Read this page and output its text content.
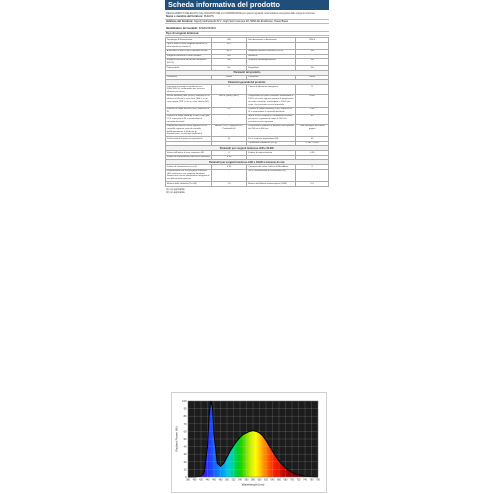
Scheda informativa del prodotto
REGOLAMENTO DELEGATO (UE) 2019/2015 DELLA COMMISSIONE per quanto riguarda l'etichettatura energetica delle sorgenti luminose
Nome o marchio del fornitore: PHILIPS
Indirizzo del fornitore: Signify Netherlands B.V., High Tech Campus 48, 5656 AE Eindhoven, Paesi Bassi
Identificativo del modello: 929002463901
Tipo di sorgente luminosa:
Tecnologia d'illuminazione:	LED	Non direzionale o direzionale:	NDLS
Tipo di attacco della sorgente luminosa (o altra interfaccia elettrica)	E27		
A tensione di rete o non a tensione di rete:	MLS	Sorgente luminosa connessa (CLS):	No
Sorgente luminosa a colori variabili:	No	Involucro:	
Sorgente luminosa ad elevata luminanza (HLLS):	No	Schermo antiabbagliamento:	No
Dimmerabile:	No	Regolabile:	No
Parametri del prodotto			
Parametro	Valore	Parametro	Valore
Parametri generali del prodotto:			
Consumo di energia in modo acceso (kWh/1000 h), arrotondato per eccesso all'intero più vicino	9	Classe di efficienza energetica	E
Flusso luminoso utile (Φuse), indicante se si riferisce al flusso in una sfera (360°), in un cono ampio (120°) o in un cono stretto (90°)	806 in (Sfera) (360°)	Temperatura di colore correlata, arrotondata ai 100 K più vicini, oppure gamma di temperature di colore correlate, arrotondate ai 100 K più vicini, che possono essere impostate	4.000
Potenza in modo acceso (Pon), espressa in W	8,5	Potenza in modo stand-by (Psb), espressa in W e arrotondata al secondo decimale	0,00
Potenza in modo stand-by in rete (Pnet) per CLS, espressa in W e arrotondata al secondo decimale	-	Indice di resa cromatica, arrotondato all'intero più vicino, o gamma di valori di CRI che possono essere impostati	80
Dimensioni esterne senza apparecchio di controllo separato, parti di controllo dell'illuminazione e parti non di illuminazione, se presenti (millimetri)	Altezza 109 | Larghezza 60 | Profondità 60	Distribuzione spettrale di potenza nella gamma da 250 nm a 800 nm	Vedi immagine nell'ultima pagina
Dichiarazione di potenza equivalente	Sì	Se sì, potenza equivalente (W)	60
		Coordinate cromatiche (x e y)	0,380 / 0,380
Parametri per sorgenti luminose LED e OLED:			
Valore dell'indice di resa cromatica R9	0	Fattore di sopravvivenza	0,90
Fattore di mantenimento del flusso luminoso	0,90		
Parametri per sorgenti luminose LED e OLED a tensione di rete:			
Fattore di sfasamento (cos φ1)	0,90	Coerenza dei colori in ellissi di MacAdam	6
Dichiarazione che una sorgente luminosa LED sostituisce una sorgente luminosa fluorescente senza alimentatore integrato di una determinata potenza	-	Se sì, dichiarazione di sostituzione (W)	-
Metrica dello sfarfallio (Pst LM)	1,0	Metrica dell'effetto stroboscopico (SVM)	0,4
(1) non applicabile
(2) non applicabile
0
10
20
30
40
50
60
70
80
90
100
380	400	420	440	460	480	500	520	540	560	580	600	620	640	660	680	700	720	740	760	780
Wavelength (nm)
Radiant Power (%)
